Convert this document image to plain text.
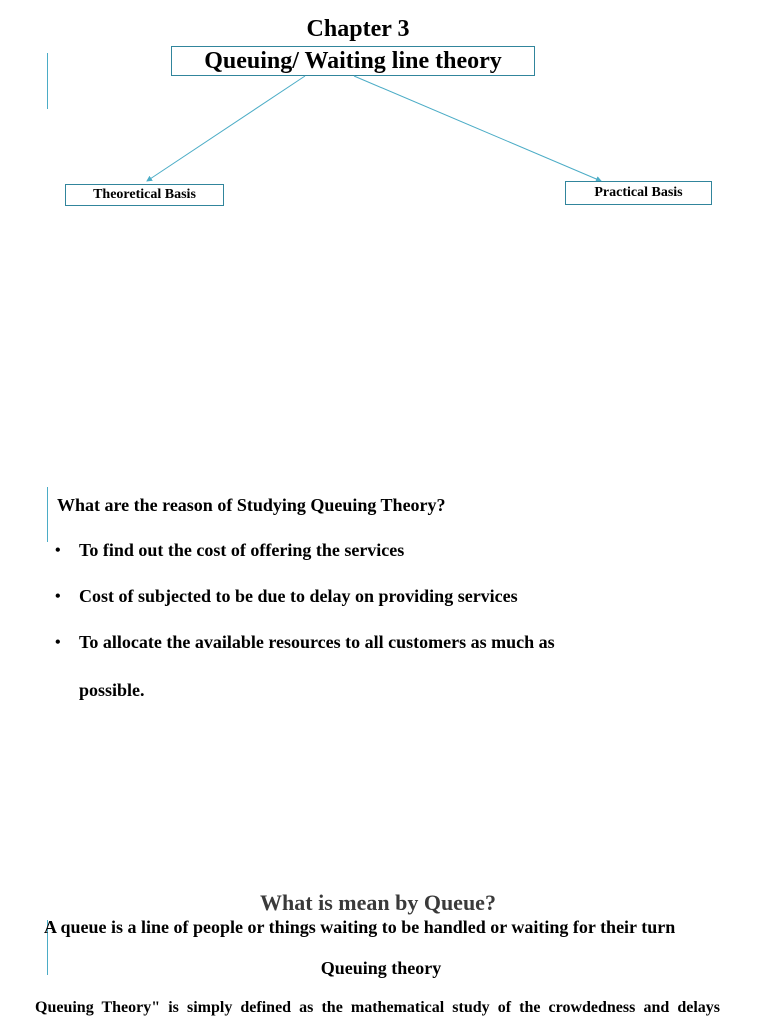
Chapter 3
Queuing/ Waiting line theory
Theoretical Basis	Practical Basis
What are the reason of Studying Queuing Theory?
• To find out the cost of offering the services
• Cost of subjected to be due to delay on providing services
• To allocate the available resources to all customers as much as
possible.
What is mean by Queue?
A queue is a line of people or things waiting to be handled or waiting for their turn
Queuing theory
Queuing Theory" is simply defined as the mathematical study of the crowdedness and delays
